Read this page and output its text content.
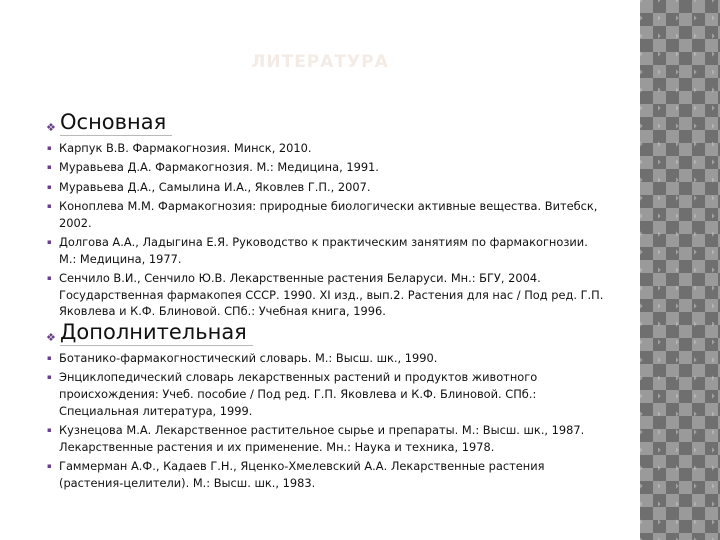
ЛИТЕРАТУРА
❖ Основная
▪ Карпук В.В. Фармакогнозия. Минск, 2010.
▪ Муравьева Д.А. Фармакогнозия. М.: Медицина, 1991.
▪ Муравьева Д.А., Самылина И.А., Яковлев Г.П., 2007.
▪ Коноплева М.М. Фармакогнозия: природные биологически активные вещества. Витебск, 2002.
▪ Долгова А.А., Ладыгина Е.Я. Руководство к практическим занятиям по фармакогнозии. М.: Медицина, 1977.
▪ Сенчило В.И., Сенчило Ю.В. Лекарственные растения Беларуси. Мн.: БГУ, 2004. Государственная фармакопея СССР. 1990. XI изд., вып.2. Растения для нас / Под ред. Г.П. Яковлева и К.Ф. Блиновой. СПб.: Учебная книга, 1996.
❖ Дополнительная
▪ Ботанико-фармакогностический словарь. М.: Высш. шк., 1990.
▪ Энциклопедический словарь лекарственных растений и продуктов животного происхождения: Учеб. пособие / Под ред. Г.П. Яковлева и К.Ф. Блиновой. СПб.: Специальная литература, 1999.
▪ Кузнецова М.А. Лекарственное растительное сырье и препараты. М.: Высш. шк., 1987. Лекарственные растения и их применение. Мн.: Наука и техника, 1978.
▪ Гаммерман А.Ф., Кадаев Г.Н., Яценко-Хмелевский А.А. Лекарственные растения (растения-целители). М.: Высш. шк., 1983.
